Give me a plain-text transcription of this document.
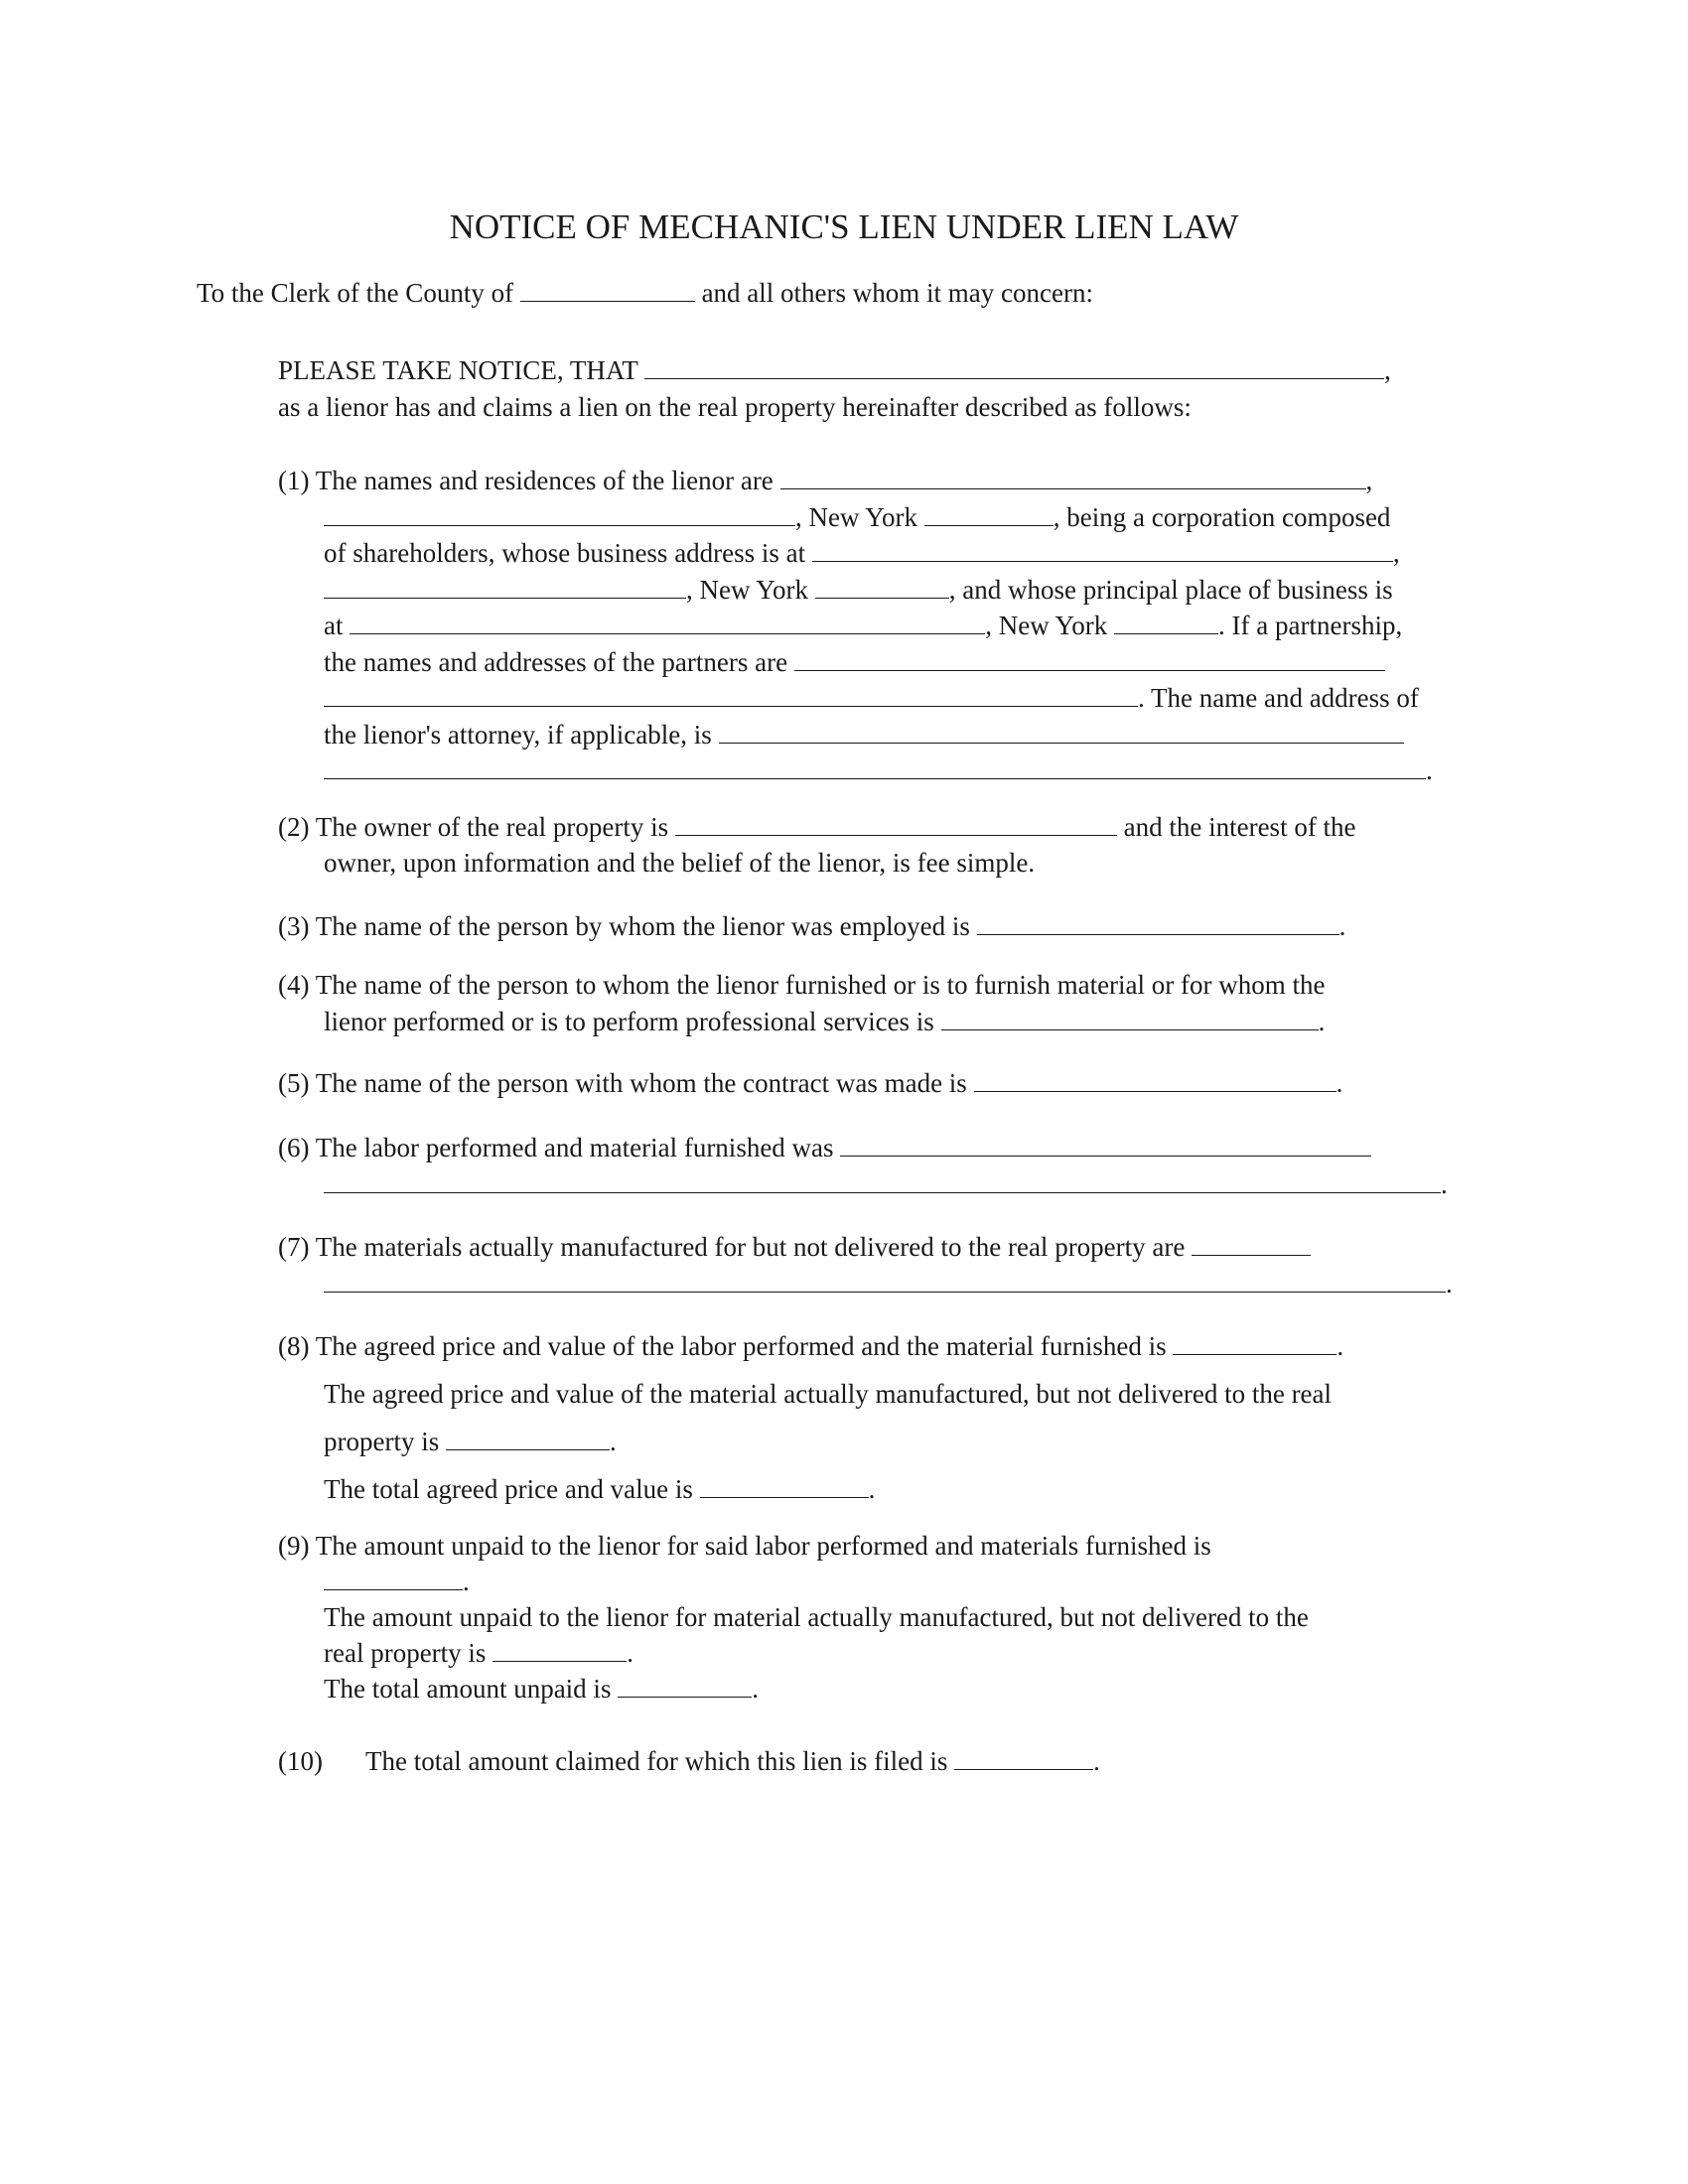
NOTICE OF MECHANIC'S LIEN UNDER LIEN LAW
To the Clerk of the County of	and all others whom it may concern:
PLEASE TAKE NOTICE, THAT	,
as a lienor has and claims a lien on the real property hereinafter described as follows:
(1) The names and residences of the lienor are	,
, New York	, being a corporation composed
of shareholders, whose business address is at	,
, New York	, and whose principal place of business is
at	, New York	. If a partnership,
the names and addresses of the partners are
. The name and address of
the lienor's attorney, if applicable, is
.
(2) The owner of the real property is	and the interest of the
owner, upon information and the belief of the lienor, is fee simple.
(3) The name of the person by whom the lienor was employed is	.
(4) The name of the person to whom the lienor furnished or is to furnish material or for whom the
lienor performed or is to perform professional services is	.
(5) The name of the person with whom the contract was made is	.
(6) The labor performed and material furnished was
.
(7) The materials actually manufactured for but not delivered to the real property are
.
(8) The agreed price and value of the labor performed and the material furnished is	.
The agreed price and value of the material actually manufactured, but not delivered to the real
property is	.
The total agreed price and value is	.
(9) The amount unpaid to the lienor for said labor performed and materials furnished is
.
The amount unpaid to the lienor for material actually manufactured, but not delivered to the
real property is	.
The total amount unpaid is	.
(10) The total amount claimed for which this lien is filed is	.
